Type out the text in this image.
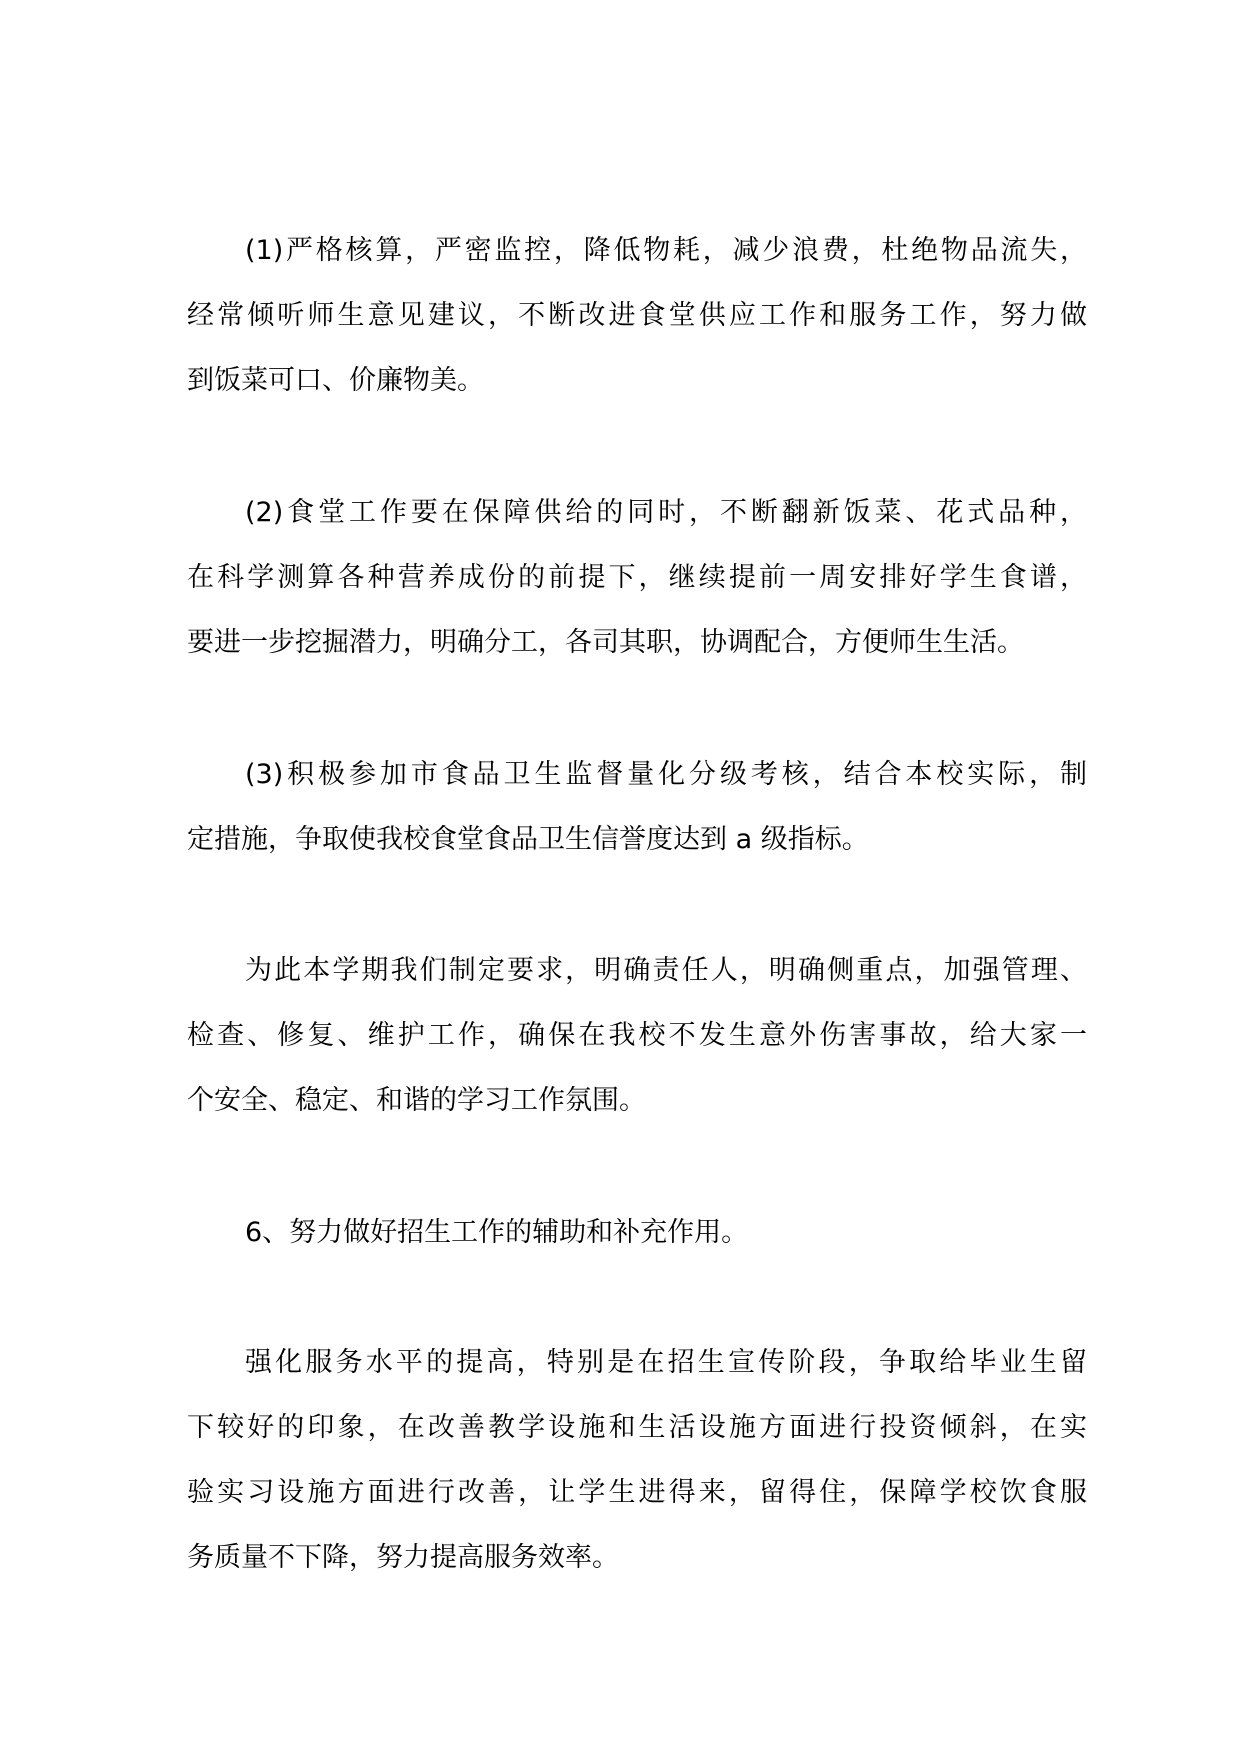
(1)严格核算，严密监控，降低物耗，减少浪费，杜绝物品流失，
经常倾听师生意见建议，不断改进食堂供应工作和服务工作，努力做
到饭菜可口、价廉物美。
(2)食堂工作要在保障供给的同时，不断翻新饭菜、花式品种，
在科学测算各种营养成份的前提下，继续提前一周安排好学生食谱，
要进一步挖掘潜力，明确分工，各司其职，协调配合，方便师生生活。
(3)积极参加市食品卫生监督量化分级考核，结合本校实际，制
定措施，争取使我校食堂食品卫生信誉度达到 a 级指标。
为此本学期我们制定要求，明确责任人，明确侧重点，加强管理、
检查、修复、维护工作，确保在我校不发生意外伤害事故，给大家一
个安全、稳定、和谐的学习工作氛围。
6、努力做好招生工作的辅助和补充作用。
强化服务水平的提高，特别是在招生宣传阶段，争取给毕业生留
下较好的印象，在改善教学设施和生活设施方面进行投资倾斜，在实
验实习设施方面进行改善，让学生进得来，留得住，保障学校饮食服
务质量不下降，努力提高服务效率。
